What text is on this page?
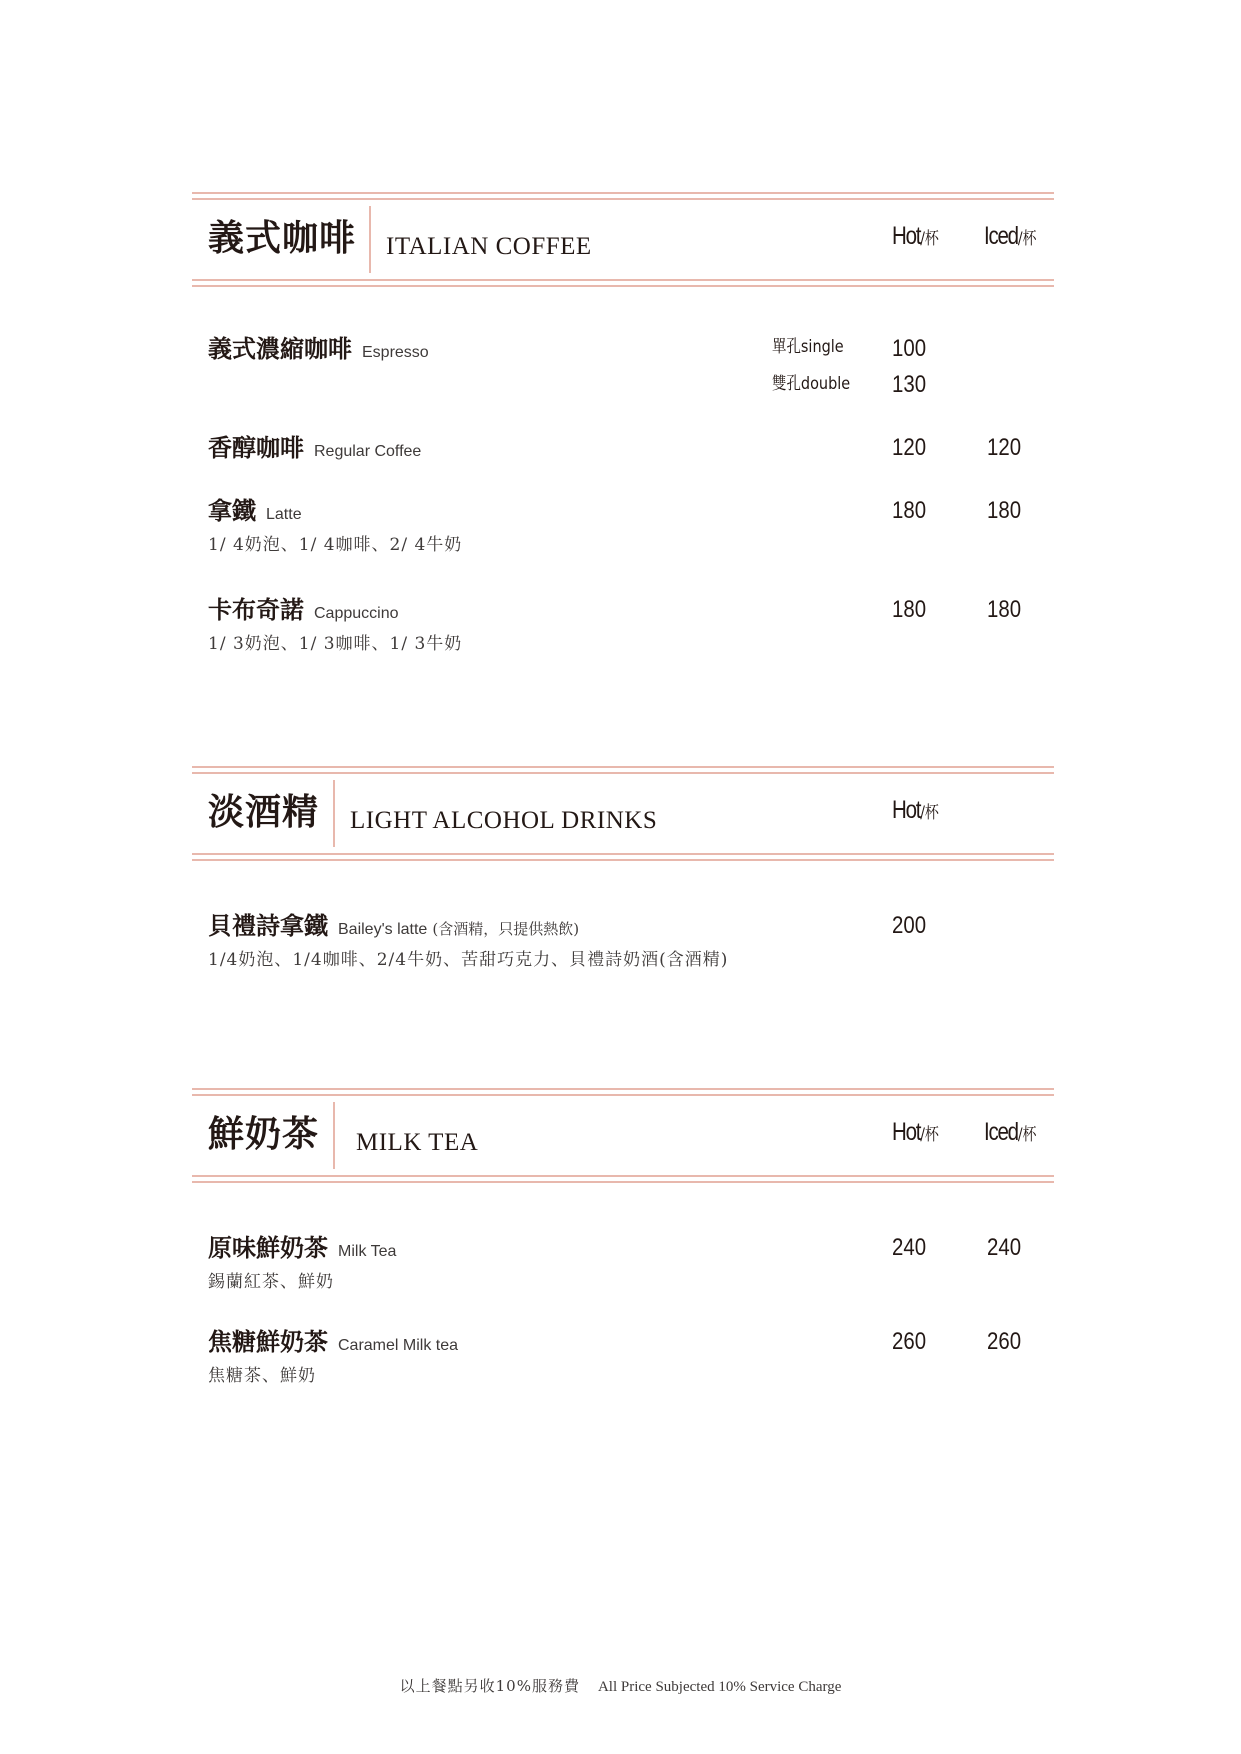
義式咖啡 ITALIAN COFFEE	Hot/杯 Iced/杯
義式濃縮咖啡 Espresso	單孔single 100
雙孔double 130
香醇咖啡 Regular Coffee	120	120
拿鐵 Latte
1/ 4奶泡、1/ 4咖啡、2/ 4牛奶
180	180
卡布奇諾 Cappuccino
1/ 3奶泡、1/ 3咖啡、1/ 3牛奶
180	180
淡酒精 LIGHT ALCOHOL DRINKS	Hot/杯
貝禮詩拿鐵 Bailey's latte (含酒精，只提供熱飲)
1/4奶泡、1/4咖啡、2/4牛奶、苦甜巧克力、貝禮詩奶酒(含酒精)
200
鮮奶茶 MILK TEA	Hot/杯 Iced/杯
原味鮮奶茶 Milk Tea
錫蘭紅茶、鮮奶
240	240
焦糖鮮奶茶 Caramel Milk tea
焦糖茶、鮮奶
260	260
以上餐點另收10%服務費 All Price Subjected 10% Service Charge
